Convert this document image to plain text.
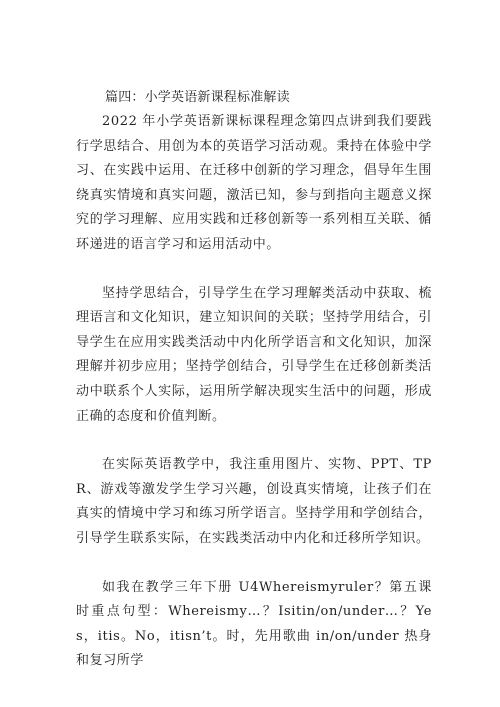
篇四：小学英语新课程标准解读

2022 年小学英语新课标课程理念第四点讲到我们要践行学思结合、用创为本的英语学习活动观。秉持在体验中学习、在实践中运用、在迁移中创新的学习理念，倡导年生围绕真实情境和真实问题，激活已知，参与到指向主题意义探究的学习理解、应用实践和迁移创新等一系列相互关联、循环递进的语言学习和运用活动中。

坚持学思结合，引导学生在学习理解类活动中获取、梳理语言和文化知识，建立知识间的关联；坚持学用结合，引导学生在应用实践类活动中内化所学语言和文化知识，加深理解并初步应用；坚持学创结合，引导学生在迁移创新类活动中联系个人实际，运用所学解决现实生活中的问题，形成正确的态度和价值判断。

在实际英语教学中，我注重用图片、实物、PPT、TPR、游戏等激发学生学习兴趣，创设真实情境，让孩子们在真实的情境中学习和练习所学语言。坚持学用和学创结合，引导学生联系实际，在实践类活动中内化和迁移所学知识。

如我在教学三年下册 U4Whereismyruler？第五课时重点句型：Whereismy…？Isitin/on/under…？Yes，itis。No，itisn’t。时，先用歌曲 in/on/under 热身和复习所学
